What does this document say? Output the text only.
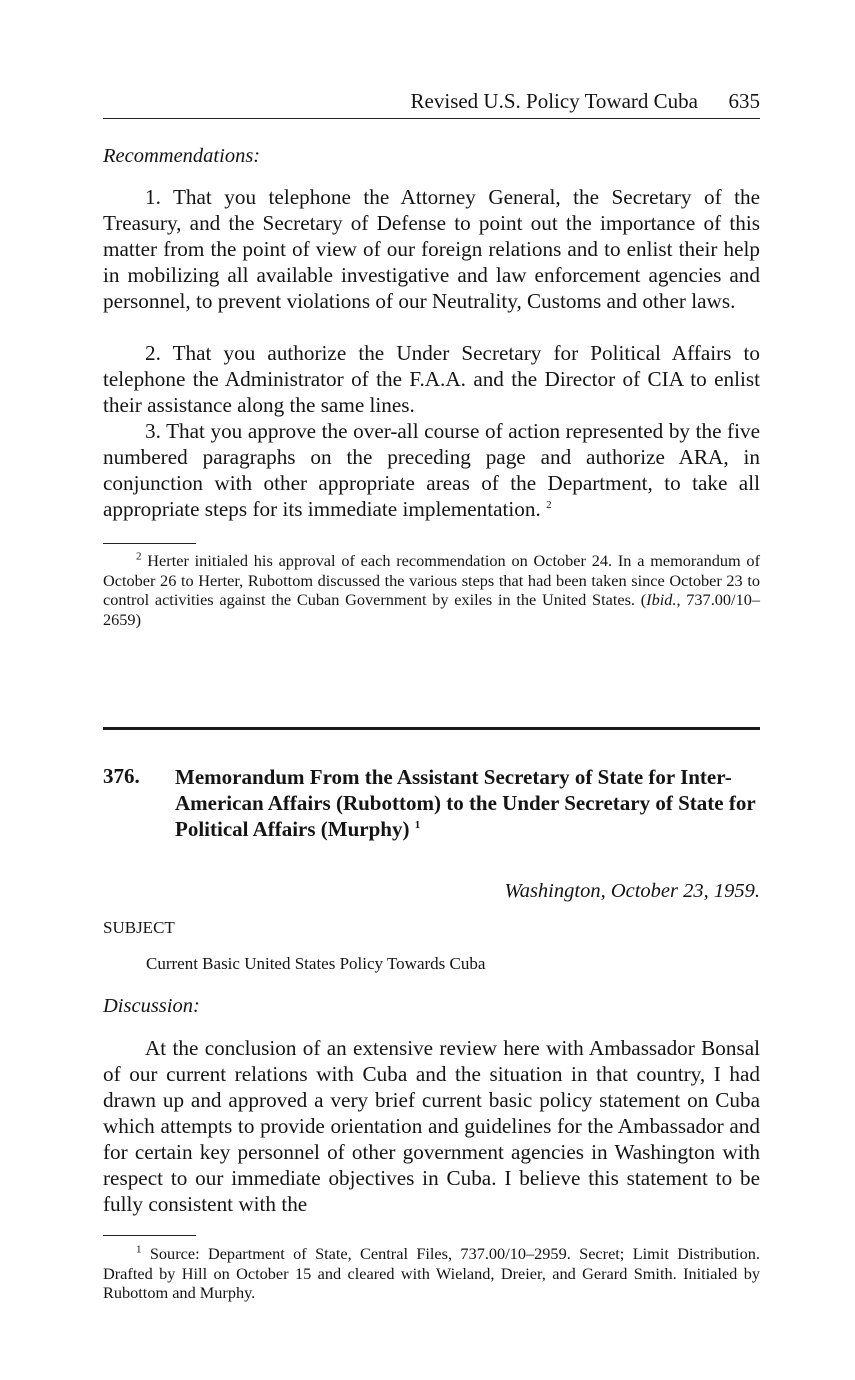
Revised U.S. Policy Toward Cuba 635

Recommendations:

1. That you telephone the Attorney General, the Secretary of the Treasury, and the Secretary of Defense to point out the importance of this matter from the point of view of our foreign relations and to enlist their help in mobilizing all available investigative and law enforcement agencies and personnel, to prevent violations of our Neutrality, Customs and other laws.

2. That you authorize the Under Secretary for Political Affairs to telephone the Administrator of the F.A.A. and the Director of CIA to enlist their assistance along the same lines.

3. That you approve the over-all course of action represented by the five numbered paragraphs on the preceding page and authorize ARA, in conjunction with other appropriate areas of the Department, to take all appropriate steps for its immediate implementation. $^2$

$^2$ Herter initialed his approval of each recommendation on October 24. In a memorandum of October 26 to Herter, Rubottom discussed the various steps that had been taken since October 23 to control activities against the Cuban Government by exiles in the United States. (Ibid., 737.00/10–2659)

376. Memorandum From the Assistant Secretary of State for Inter-American Affairs (Rubottom) to the Under Secretary of State for Political Affairs (Murphy) $^1$

Washington, October 23, 1959.
SUBJECT
Current Basic United States Policy Towards Cuba

Discussion:

At the conclusion of an extensive review here with Ambassador Bonsal of our current relations with Cuba and the situation in that country, I had drawn up and approved a very brief current basic policy statement on Cuba which attempts to provide orientation and guidelines for the Ambassador and for certain key personnel of other government agencies in Washington with respect to our immediate objectives in Cuba. I believe this statement to be fully consistent with the

$^1$ Source: Department of State, Central Files, 737.00/10–2959. Secret; Limit Distribution. Drafted by Hill on October 15 and cleared with Wieland, Dreier, and Gerard Smith. Initialed by Rubottom and Murphy.
